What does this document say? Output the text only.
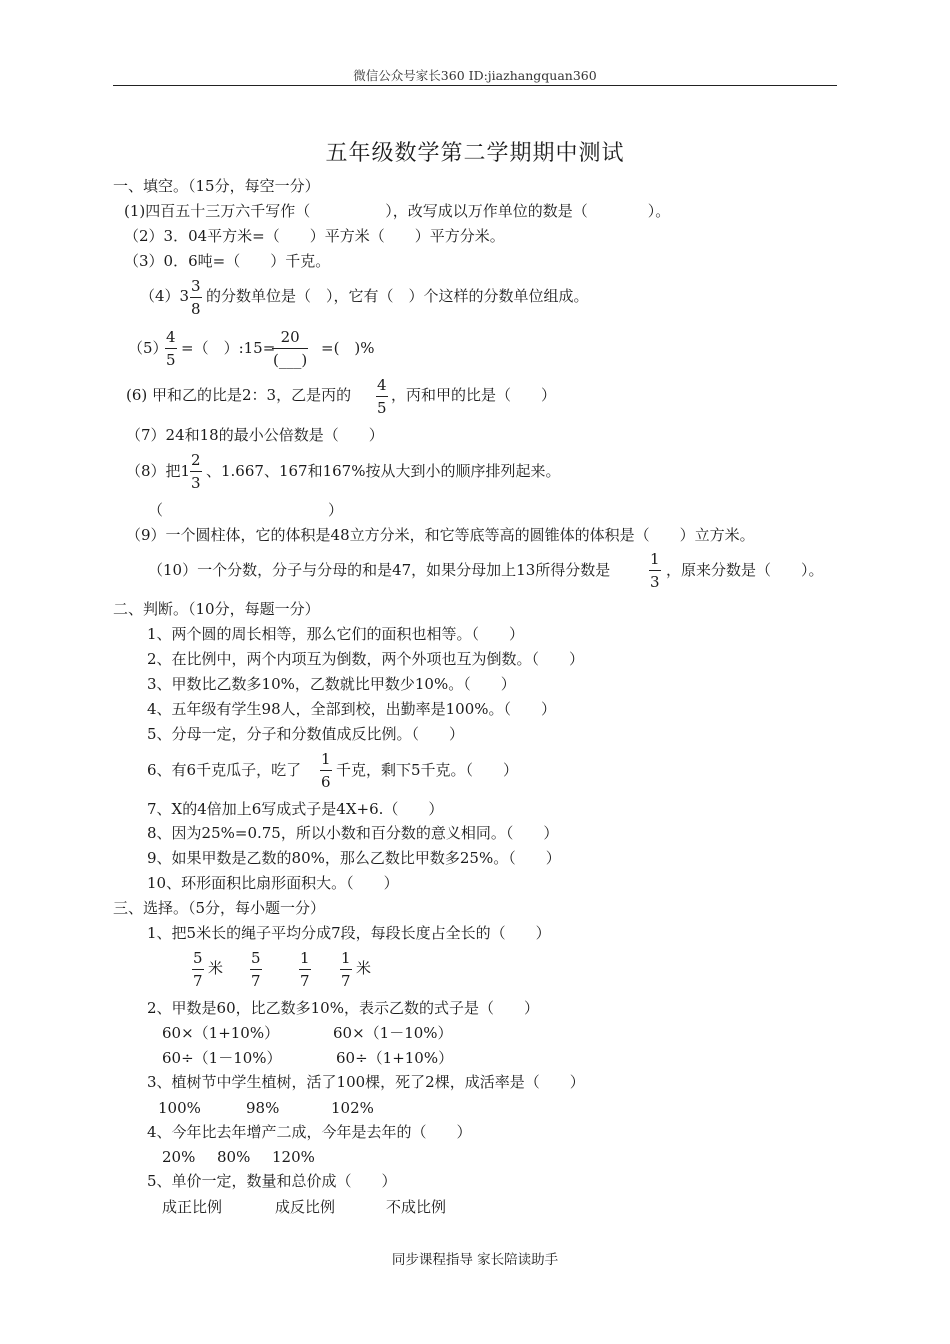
微信公众号家长360 ID:jiazhangquan360
五年级数学第二学期期中测试
一、填空。（15分，每空一分）
(1)四百五十三万六千写作（　　　　　），改写成以万作单位的数是（　　　　）。
（2）3．04平方米=（　　）平方米（　　）平方分米。
（3）0．6吨=（　　）千克。
$(4)3 \frac{3}{8}$ 的分数单位是（　），它有（　）个这样的分数单位组成。
（5）
$\frac{4}{5}$ =（　）:15=
20
(___)
=(　)%
(6) 甲和乙的比是2：3，乙是丙的 $\frac{4}{5}$ ，丙和甲的比是（　　）
（7）24和18的最小公倍数是（　　）
（8）把$1 \frac{2}{3}$ 、1.667、167和167%按从大到小的顺序排列起来。
（　　　　　　　　　　　）
（9）一个圆柱体，它的体积是48立方分米，和它等底等高的圆锥体的体积是（　　）立方米。
（10）一个分数，分子与分母的和是47，如果分母加上13所得分数是	$\frac{1}{3}$ ，原来分数是（　　）。
二、判断。（10分，每题一分）
1、两个圆的周长相等，那么它们的面积也相等。（　　）
2、在比例中，两个内项互为倒数，两个外项也互为倒数。（　　）
3、甲数比乙数多10%，乙数就比甲数少10%。（　　）
4、五年级有学生98人，全部到校，出勤率是100%。（　　）
5、分母一定，分子和分数值成反比例。（　　）
6、有6千克瓜子，吃了 $\frac{1}{6}$ 千克，剩下5千克。（　　）
7、X的4倍加上6写成式子是4X+6.（　　）
8、因为25%=0.75，所以小数和百分数的意义相同。（　　）
9、如果甲数是乙数的80%，那么乙数比甲数多25%。（　　）
10、环形面积比扇形面积大。（　　）
三、选择。（5分，每小题一分）
1、把5米长的绳子平均分成7段，每段长度占全长的（　　）
$\frac{5}{7}$ 米 $\frac{5}{7} \frac{1}{7} \frac{1}{7}$ 米
2、甲数是60，比乙数多10%，表示乙数的式子是（　　）
60×（1+10%）	60×（1－10%）
60÷（1－10%）	60÷（1+10%）
3、植树节中学生植树，活了100棵，死了2棵，成活率是（　　）
100%	98%	102%
4、今年比去年增产二成，今年是去年的（　　）
20% 80% 120%
5、单价一定，数量和总价成（　　）
成正比例	成反比例	不成比例
同步课程指导 家长陪读助手
